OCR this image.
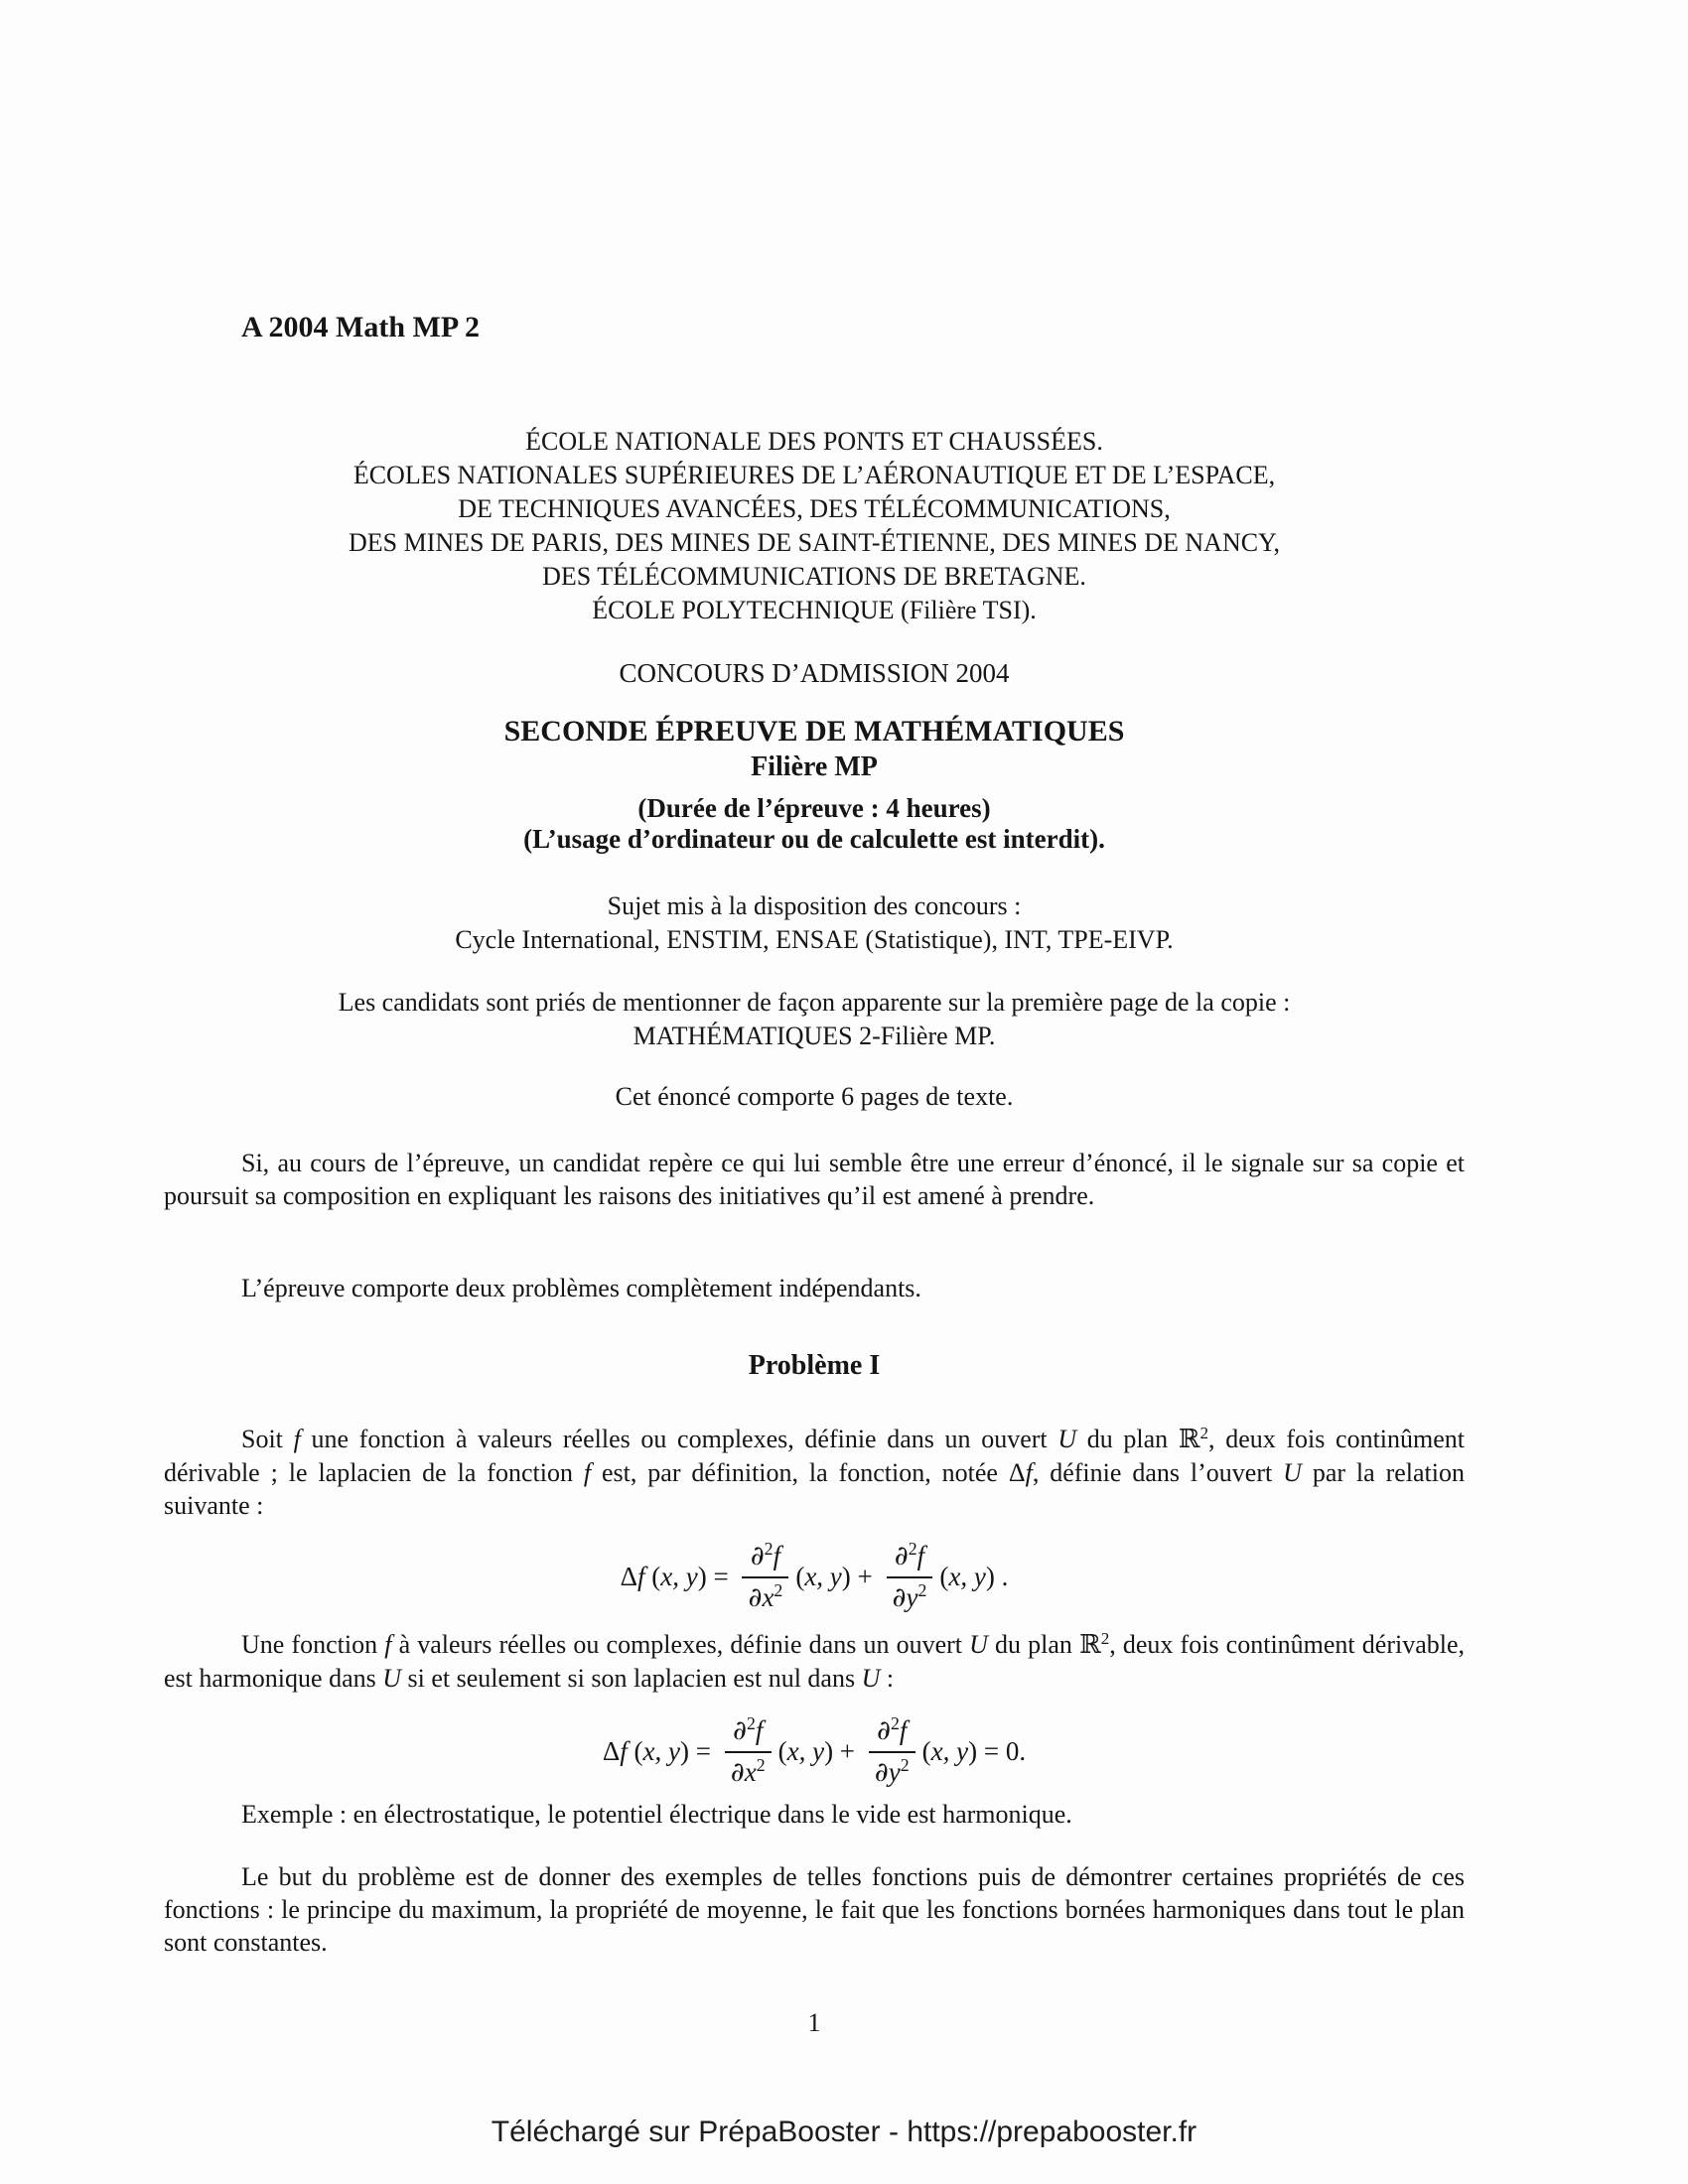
A 2004 Math MP 2
ÉCOLE NATIONALE DES PONTS ET CHAUSSÉES.
ÉCOLES NATIONALES SUPÉRIEURES DE L’AÉRONAUTIQUE ET DE L’ESPACE,
DE TECHNIQUES AVANCÉES, DES TÉLÉCOMMUNICATIONS,
DES MINES DE PARIS, DES MINES DE SAINT-ÉTIENNE, DES MINES DE NANCY,
DES TÉLÉCOMMUNICATIONS DE BRETAGNE.
ÉCOLE POLYTECHNIQUE (Filière TSI).
CONCOURS D’ADMISSION 2004
SECONDE ÉPREUVE DE MATHÉMATIQUES
Filière MP
(Durée de l’épreuve : 4 heures)
(L’usage d’ordinateur ou de calculette est interdit).
Sujet mis à la disposition des concours :
Cycle International, ENSTIM, ENSAE (Statistique), INT, TPE-EIVP.
Les candidats sont priés de mentionner de façon apparente sur la première page de la copie :
MATHÉMATIQUES 2-Filière MP.
Cet énoncé comporte 6 pages de texte.
Si, au cours de l’épreuve, un candidat repère ce qui lui semble être une erreur d’énoncé, il le signale sur sa copie et poursuit sa composition en expliquant les raisons des initiatives qu’il est amené à prendre.
L’épreuve comporte deux problèmes complètement indépendants.
Problème I
Soit f une fonction à valeurs réelles ou complexes, définie dans un ouvert U du plan ℝ$^2$, deux fois continûment dérivable ; le laplacien de la fonction f est, par définition, la fonction, notée Δf, définie dans l’ouvert U par la relation suivante :
Δf (x, $y) = \frac{\partial^2f}{\partial x^2} (x$, $y) + \frac{\partial^2f}{\partial y^2} (x$, y) .
Une fonction f à valeurs réelles ou complexes, définie dans un ouvert U du plan ℝ$^2$, deux fois continûment dérivable, est harmonique dans U si et seulement si son laplacien est nul dans U :
Δf (x, $y) = \frac{\partial^2f}{\partial x^2} (x$, $y) + \frac{\partial^2f}{\partial y^2} (x$, y) = 0.
Exemple : en électrostatique, le potentiel électrique dans le vide est harmonique.
Le but du problème est de donner des exemples de telles fonctions puis de démontrer certaines propriétés de ces fonctions : le principe du maximum, la propriété de moyenne, le fait que les fonctions bornées harmoniques dans tout le plan sont constantes.
1
Téléchargé sur PrépaBooster - https://prepabooster.fr
